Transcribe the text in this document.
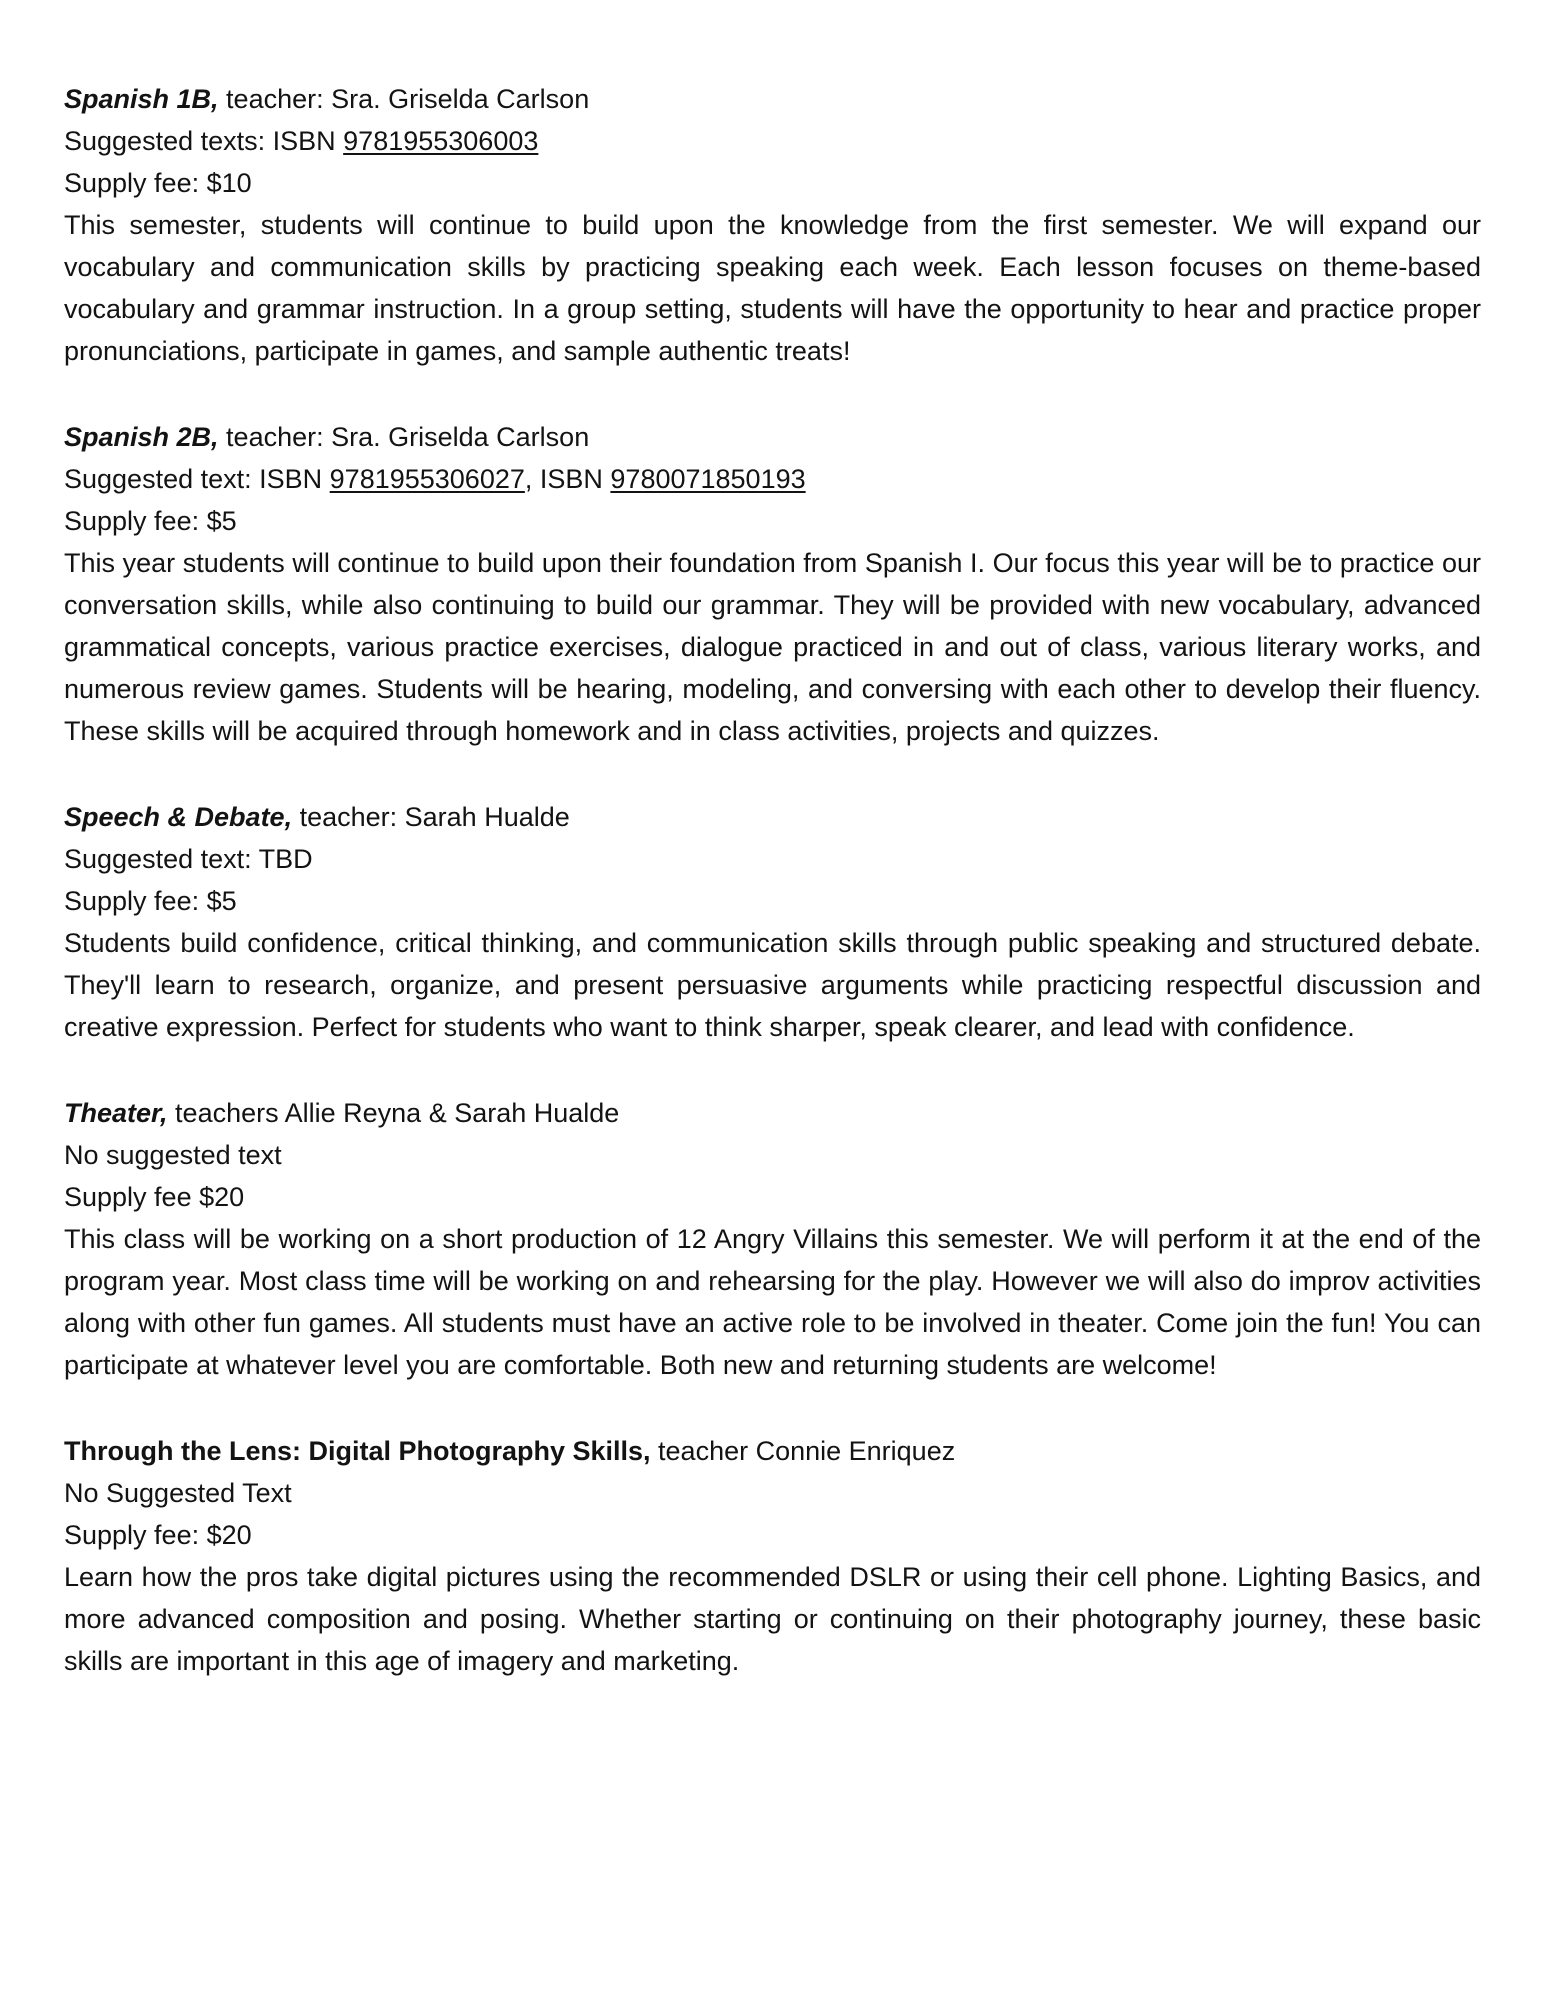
Spanish 1B, teacher: Sra. Griselda Carlson
Suggested texts: ISBN 9781955306003
Supply fee: $10

This semester, students will continue to build upon the knowledge from the first semester. We will expand our vocabulary and communication skills by practicing speaking each week. Each lesson focuses on theme-based vocabulary and grammar instruction. In a group setting, students will have the opportunity to hear and practice proper pronunciations, participate in games, and sample authentic treats!

Spanish 2B, teacher: Sra. Griselda Carlson
Suggested text: ISBN 9781955306027, ISBN 9780071850193
Supply fee: $5

This year students will continue to build upon their foundation from Spanish I. Our focus this year will be to practice our conversation skills, while also continuing to build our grammar. They will be provided with new vocabulary, advanced grammatical concepts, various practice exercises, dialogue practiced in and out of class, various literary works, and numerous review games. Students will be hearing, modeling, and conversing with each other to develop their fluency. These skills will be acquired through homework and in class activities, projects and quizzes.

Speech & Debate, teacher: Sarah Hualde
Suggested text: TBD
Supply fee: $5

Students build confidence, critical thinking, and communication skills through public speaking and structured debate. They'll learn to research, organize, and present persuasive arguments while practicing respectful discussion and creative expression. Perfect for students who want to think sharper, speak clearer, and lead with confidence.

Theater, teachers Allie Reyna & Sarah Hualde
No suggested text
Supply fee $20

This class will be working on a short production of 12 Angry Villains this semester. We will perform it at the end of the program year. Most class time will be working on and rehearsing for the play. However we will also do improv activities along with other fun games. All students must have an active role to be involved in theater. Come join the fun! You can participate at whatever level you are comfortable. Both new and returning students are welcome!

Through the Lens: Digital Photography Skills, teacher Connie Enriquez
No Suggested Text
Supply fee: $20

Learn how the pros take digital pictures using the recommended DSLR or using their cell phone. Lighting Basics, and more advanced composition and posing. Whether starting or continuing on their photography journey, these basic skills are important in this age of imagery and marketing.
